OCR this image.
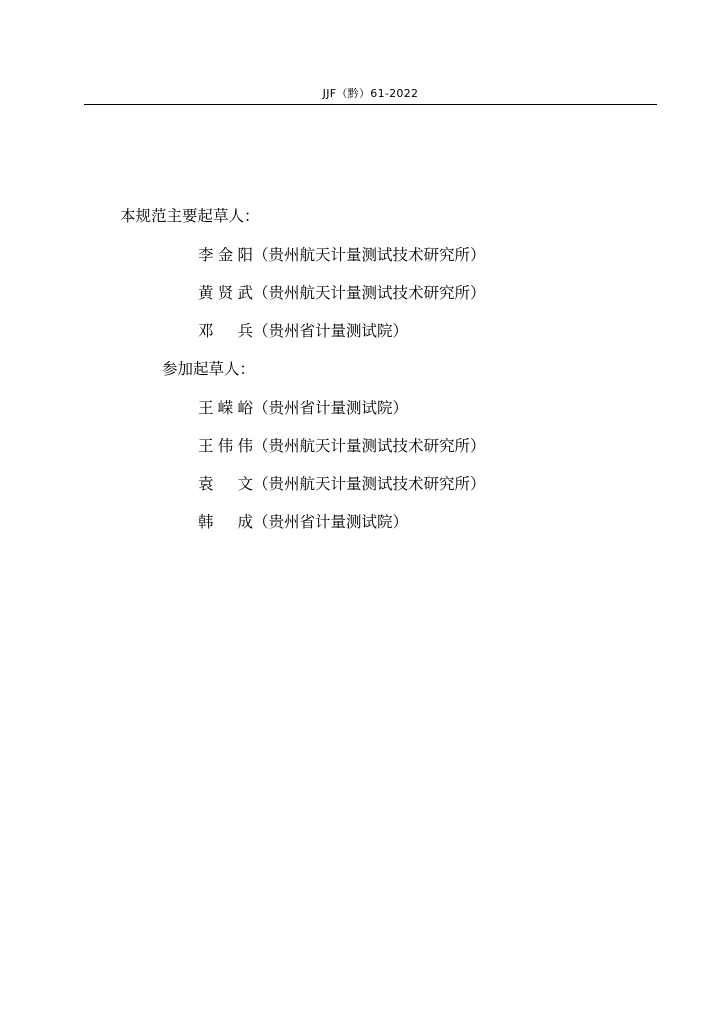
JJF（黔）61-2022
本规范主要起草人：
李金阳（贵州航天计量测试技术研究所）
黄贤武（贵州航天计量测试技术研究所）
邓兵（贵州省计量测试院）
参加起草人：
王嵘峪（贵州省计量测试院）
王伟伟（贵州航天计量测试技术研究所）
袁文（贵州航天计量测试技术研究所）
韩成（贵州省计量测试院）
